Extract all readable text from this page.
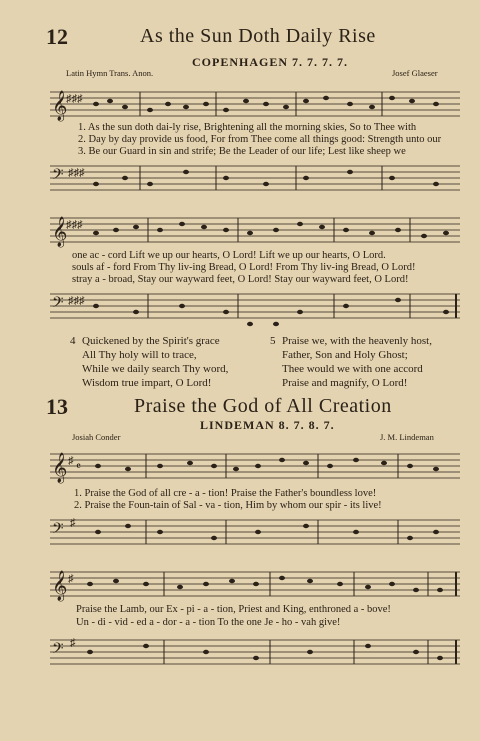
12	As the Sun Doth Daily Rise
COPENHAGEN 7. 7. 7. 7.
Latin Hymn Trans. Anon.	Josef Glaeser
𝄞
♯♯♯
1. As the sun doth dai-ly rise, Brightening all the morning skies, So to Thee with
2. Day by day provide us food, For from Thee come all things good: Strength unto our
3. Be our Guard in sin and strife; Be the Leader of our life; Lest like sheep we
𝄢 ♯♯♯
𝄞
♯♯♯
one ac - cord Lift we up our hearts, O Lord! Lift we up our hearts, O Lord.
souls af - ford From Thy liv-ing Bread, O Lord! From Thy liv-ing Bread, O Lord!
stray a - broad, Stay our wayward feet, O Lord! Stay our wayward feet, O Lord!
𝄢 ♯♯♯
4 Quickened by the Spirit's grace
All Thy holy will to trace,
While we daily search Thy word,
Wisdom true impart, O Lord!
5 Praise we, with the heavenly host,
Father, Son and Holy Ghost;
Thee would we with one accord
Praise and magnify, O Lord!
13	Praise the God of All Creation
LINDEMAN 8. 7. 8. 7.
Josiah Conder	J. M. Lindeman
𝄞 ♯ 𝄴
1. Praise the God of all cre - a - tion! Praise the Father's boundless love!
2. Praise the Foun-tain of Sal - va - tion, Him by whom our spir - its live!
𝄢 ♯
𝄞 ♯
Praise the Lamb, our Ex - pi - a - tion, Priest and King, enthroned a - bove!
Un - di - vid - ed a - dor - a - tion To the one Je - ho - vah give!
𝄢 ♯
